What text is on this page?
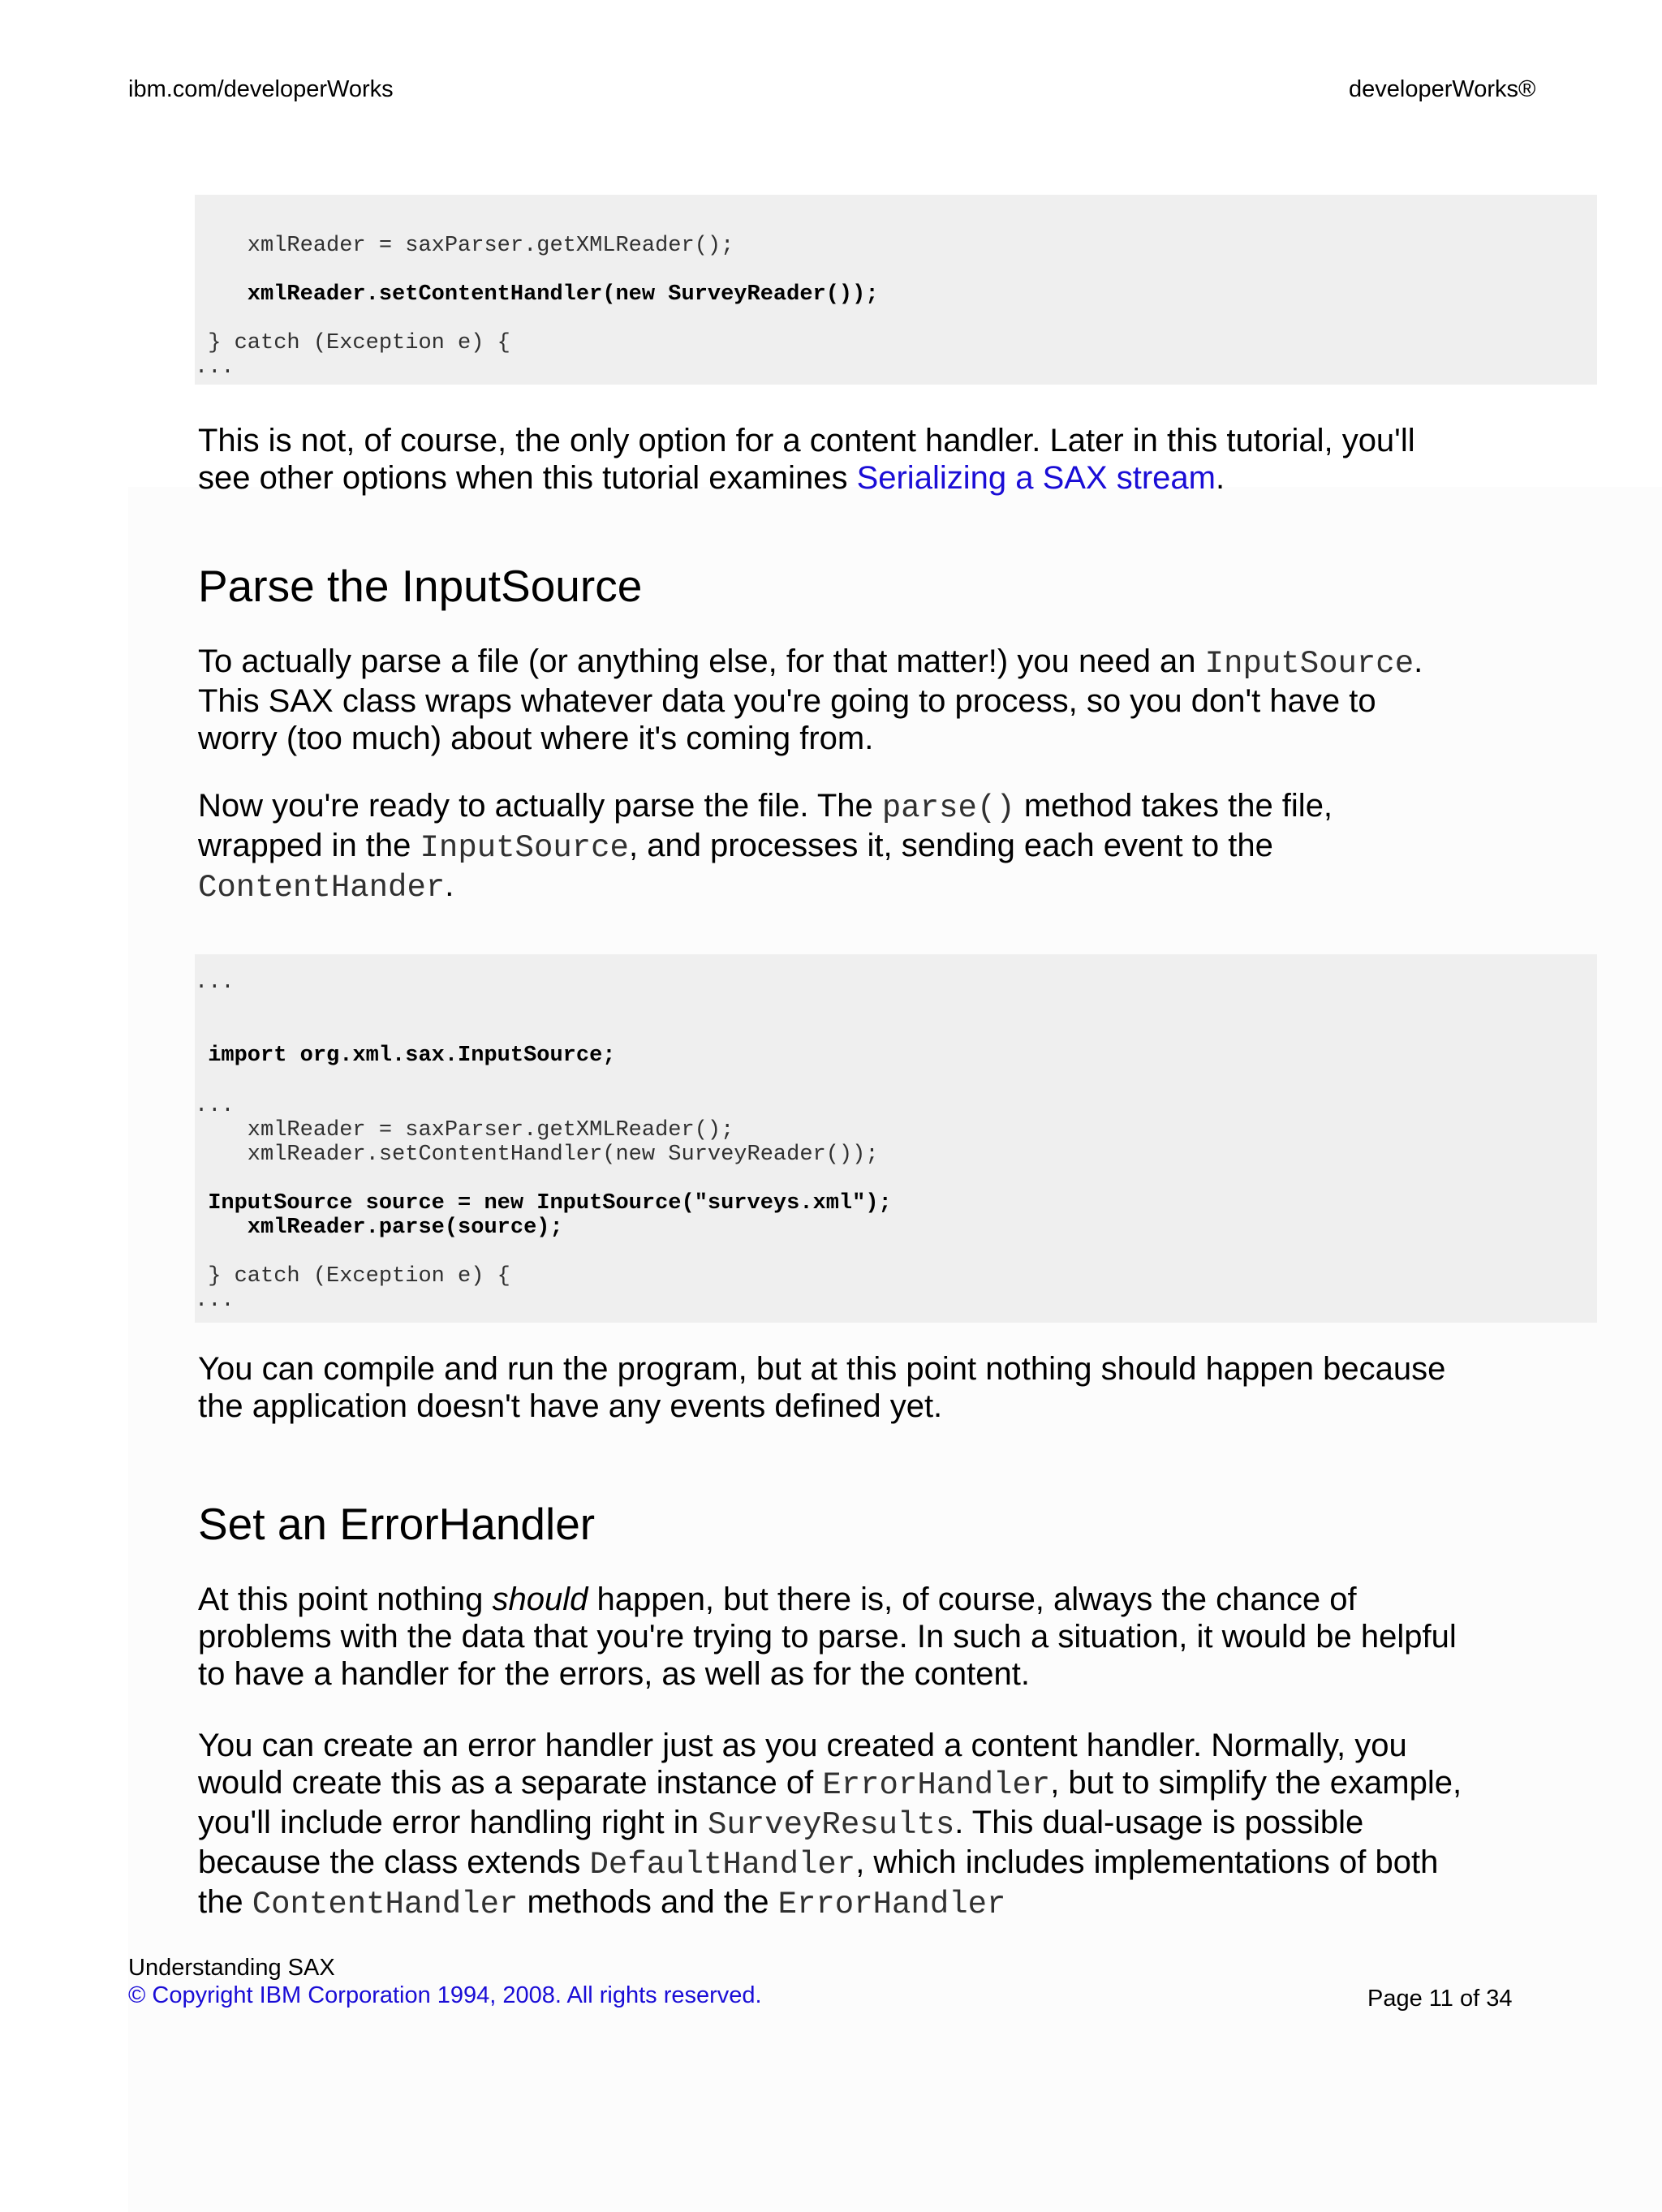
ibm.com/developerWorks	developerWorks®

xmlReader = saxParser.getXMLReader();

xmlReader.setContentHandler(new SurveyReader());

} catch (Exception e) {

...

This is not, of course, the only option for a content handler. Later in this tutorial, you'll see other options when this tutorial examines Serializing a SAX stream.

Parse the InputSource

To actually parse a file (or anything else, for that matter!) you need an InputSource. This SAX class wraps whatever data you're going to process, so you don't have to worry (too much) about where it's coming from.

Now you're ready to actually parse the file. The parse() method takes the file, wrapped in the InputSource, and processes it, sending each event to the ContentHander.

...

import org.xml.sax.InputSource;

...

xmlReader = saxParser.getXMLReader();

xmlReader.setContentHandler(new SurveyReader());

InputSource source = new InputSource("surveys.xml");

xmlReader.parse(source);

} catch (Exception e) {

...

You can compile and run the program, but at this point nothing should happen because the application doesn't have any events defined yet.

Set an ErrorHandler

At this point nothing should happen, but there is, of course, always the chance of problems with the data that you're trying to parse. In such a situation, it would be helpful to have a handler for the errors, as well as for the content.

You can create an error handler just as you created a content handler. Normally, you would create this as a separate instance of ErrorHandler, but to simplify the example, you'll include error handling right in SurveyResults. This dual-usage is possible because the class extends DefaultHandler, which includes implementations of both the ContentHandler methods and the ErrorHandler

Understanding SAX
© Copyright IBM Corporation 1994, 2008. All rights reserved.	Page 11 of 34
